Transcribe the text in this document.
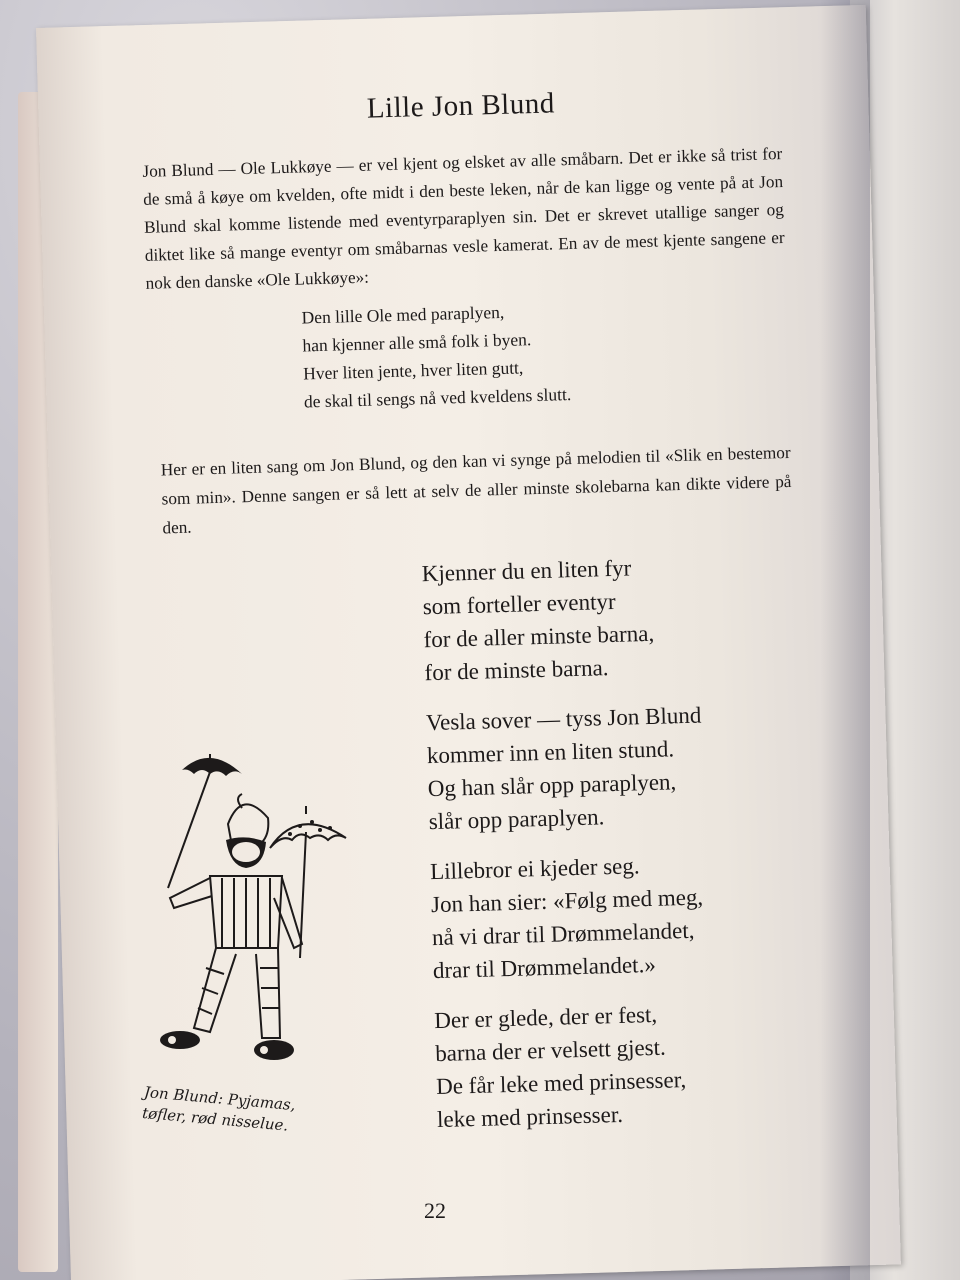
Lille Jon Blund

Jon Blund — Ole Lukkøye — er vel kjent og elsket av alle småbarn. Det er ikke så trist for de små å køye om kvelden, ofte midt i den beste leken, når de kan ligge og vente på at Jon Blund skal komme listende med eventyrparaplyen sin. Det er skrevet utallige sanger og diktet like så mange eventyr om småbarnas vesle kamerat. En av de mest kjente sangene er nok den danske «Ole Lukkøye»:

Den lille Ole med paraplyen,
han kjenner alle små folk i byen.
Hver liten jente, hver liten gutt,
de skal til sengs nå ved kveldens slutt.

Her er en liten sang om Jon Blund, og den kan vi synge på melodien til «Slik en bestemor som min». Denne sangen er så lett at selv de aller minste skolebarna kan dikte videre på den.

Kjenner du en liten fyr
som forteller eventyr
for de aller minste barna,
for de minste barna.
Vesla sover — tyss Jon Blund
kommer inn en liten stund.
Og han slår opp paraplyen,
slår opp paraplyen.
Lillebror ei kjeder seg.
Jon han sier: «Følg med meg,
nå vi drar til Drømmelandet,
drar til Drømmelandet.»
Der er glede, der er fest,
barna der er velsett gjest.
De får leke med prinsesser,
leke med prinsesser.
Jon Blund: Pyjamas, tøfler, rød nisselue.
22
